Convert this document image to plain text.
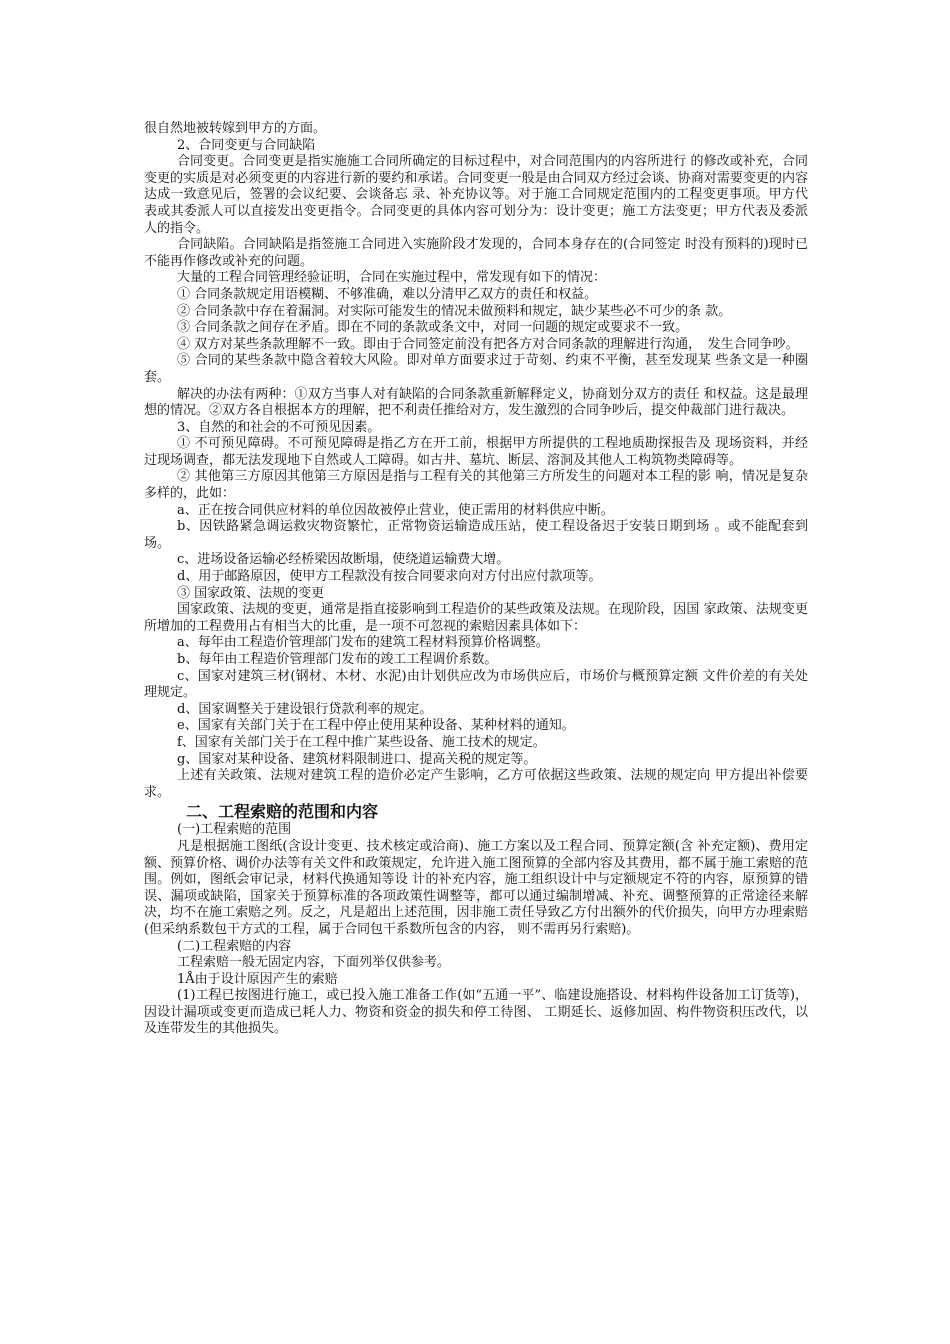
很自然地被转嫁到甲方的方面。

2、合同变更与合同缺陷

合同变更。合同变更是指实施施工合同所确定的目标过程中，对合同范围内的内容所进行 的修改或补充，合同变更的实质是对必须变更的内容进行新的要约和承诺。合同变更一般是由合同双方经过会谈、协商对需要变更的内容达成一致意见后，签署的会议纪要、会谈备忘 录、补充协议等。对于施工合同规定范围内的工程变更事项。甲方代表或其委派人可以直接发出变更指令。合同变更的具体内容可划分为：设计变更；施工方法变更；甲方代表及委派 人的指令。

合同缺陷。合同缺陷是指签施工合同进入实施阶段才发现的，合同本身存在的(合同签定 时没有预料的)现时已不能再作修改或补充的问题。

大量的工程合同管理经验证明，合同在实施过程中，常发现有如下的情况：

① 合同条款规定用语模糊、不够准确，难以分清甲乙双方的责任和权益。

② 合同条款中存在着漏洞。对实际可能发生的情况未做预料和规定，缺少某些必不可少的条 款。

③ 合同条款之间存在矛盾。即在不同的条款或条文中，对同一问题的规定或要求不一致。

④ 双方对某些条款理解不一致。即由于合同签定前没有把各方对合同条款的理解进行沟通，　发生合同争吵。

⑤ 合同的某些条款中隐含着较大风险。即对单方面要求过于苛刻、约束不平衡，甚至发现某 些条文是一种圈套。

解决的办法有两种：①双方当事人对有缺陷的合同条款重新解释定义，协商划分双方的责任 和权益。这是最理想的情况。②双方各自根据本方的理解，把不利责任推给对方，发生激烈的合同争吵后，提交仲裁部门进行裁决。

3、自然的和社会的不可预见因素。

① 不可预见障碍。不可预见障碍是指乙方在开工前，根据甲方所提供的工程地质勘探报告及 现场资料，并经过现场调查，都无法发现地下自然或人工障碍。如古井、墓坑、断层、溶洞及其他人工构筑物类障碍等。

② 其他第三方原因其他第三方原因是指与工程有关的其他第三方所发生的问题对本工程的影 响，情况是复杂多样的，此如：

a、正在按合同供应材料的单位因故被停止营业，使正需用的材料供应中断。

b、因铁路紧急调运救灾物资繁忙，正常物资运输造成压站，使工程设备迟于安装日期到场 。或不能配套到场。

c、进场设备运输必经桥梁因故断塌，使绕道运输费大增。

d、用于邮路原因，使甲方工程款没有按合同要求向对方付出应付款项等。

③ 国家政策、法规的变更

国家政策、法规的变更，通常是指直接影响到工程造价的某些政策及法规。在现阶段，因国 家政策、法规变更所增加的工程费用占有相当大的比重，是一项不可忽视的索赔因素具体如下：

a、每年由工程造价管理部门发布的建筑工程材料预算价格调整。

b、每年由工程造价管理部门发布的竣工工程调价系数。

c、国家对建筑三材(钢材、木材、水泥)由计划供应改为市场供应后，市场价与概预算定额 文件价差的有关处理规定。

d、国家调整关于建设银行贷款利率的规定。

e、国家有关部门关于在工程中停止使用某种设备、某种材料的通知。

f、国家有关部门关于在工程中推广某些设备、施工技术的规定。

g、国家对某种设备、建筑材料限制进口、提高关税的规定等。

上述有关政策、法规对建筑工程的造价必定产生影响，乙方可依据这些政策、法规的规定向 甲方提出补偿要求。

二、工程索赔的范围和内容

(一)工程索赔的范围

凡是根据施工图纸(含设计变更、技术核定或洽商)、施工方案以及工程合同、预算定额(含 补充定额)、费用定额、预算价格、调价办法等有关文件和政策规定，允许进入施工图预算的全部内容及其费用，都不属于施工索赔的范围。例如，图纸会审记录，材料代换通知等设 计的补充内容，施工组织设计中与定额规定不符的内容，原预算的错误、漏项或缺陷，国家关于预算标准的各项政策性调整等，都可以通过编制增减、补充、调整预算的正常途径来解 决，均不在施工索赔之列。反之，凡是超出上述范围，因非施工责任导致乙方付出额外的代价损失，向甲方办理索赔(但采纳系数包干方式的工程，属于合同包干系数所包含的内容， 则不需再另行索赔)。

(二)工程索赔的内容

工程索赔一般无固定内容，下面列举仅供参考。

1Å由于设计原因产生的索赔

(1)工程已按图进行施工，或已投入施工准备工作(如“五通一平”、临建设施搭设、材料构件设备加工订货等)，因设计漏项或变更而造成已耗人力、物资和资金的损失和停工待图、 工期延长、返修加固、构件物资积压改代，以及连带发生的其他损失。
